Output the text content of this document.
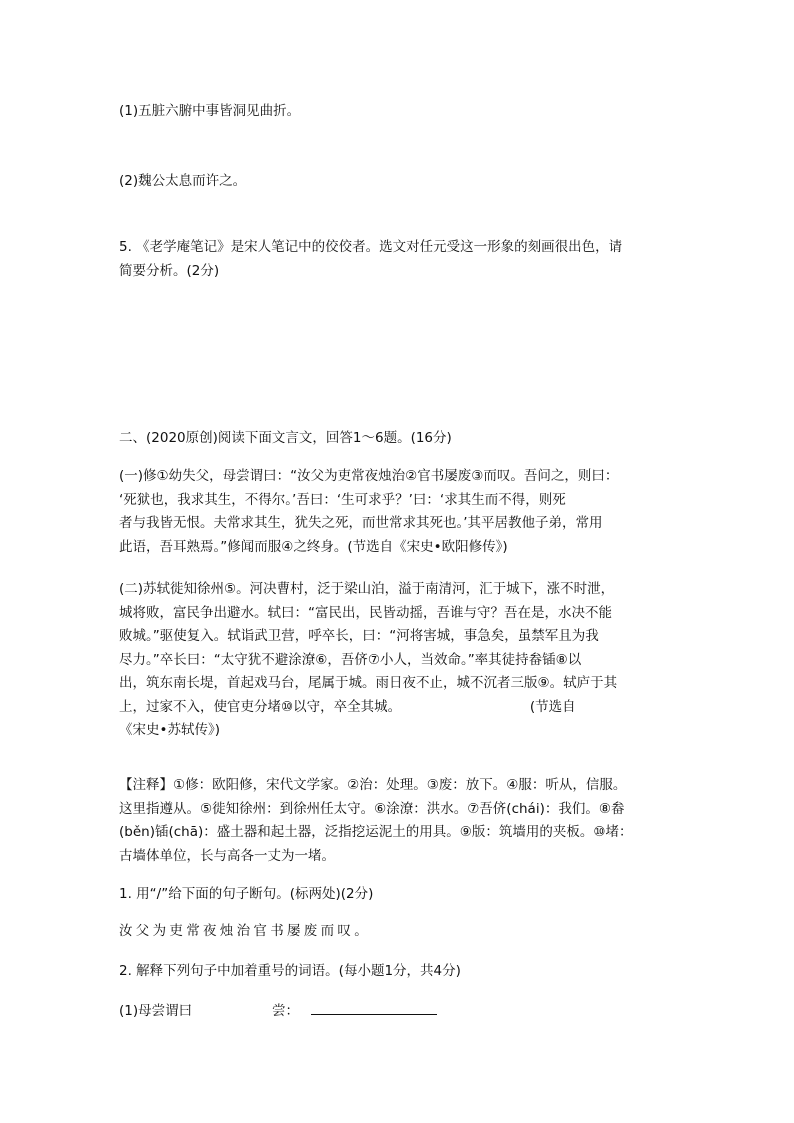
(1)五脏六腑中事皆洞见曲折。
(2)魏公太息而许之。
5. 《老学庵笔记》是宋人笔记中的佼佼者。选文对任元受这一形象的刻画很出色，请
简要分析。(2分)
二、(2020原创)阅读下面文言文，回答1～6题。(16分)
(一)修①幼失父，母尝谓曰：“汝父为吏常夜烛治②官书屡废③而叹。吾问之，则曰：
‘死狱也，我求其生，不得尔。’吾曰：‘生可求乎？’曰：‘求其生而不得，则死
者与我皆无恨。夫常求其生，犹失之死，而世常求其死也。’其平居教他子弟，常用
此语，吾耳熟焉。”修闻而服④之终身。(节选自《宋史•欧阳修传》)
(二)苏轼徙知徐州⑤。河决曹村，泛于梁山泊，溢于南清河，汇于城下，涨不时泄，
城将败，富民争出避水。轼曰：“富民出，民皆动摇，吾谁与守？吾在是，水决不能
败城。”驱使复入。轼诣武卫营，呼卒长，曰：“河将害城，事急矣，虽禁军且为我
尽力。”卒长曰：“太守犹不避涂潦⑥，吾侪⑦小人，当效命。”率其徒持畚锸⑧以
出，筑东南长堤，首起戏马台，尾属于城。雨日夜不止，城不沉者三版⑨。轼庐于其
上，过家不入，使官吏分堵⑩以守，卒全其城。                              (节选自
《宋史•苏轼传》)
【注释】①修：欧阳修，宋代文学家。②治：处理。③废：放下。④服：听从，信服。
这里指遵从。⑤徙知徐州：到徐州任太守。⑥涂潦：洪水。⑦吾侪(chái)：我们。⑧畚
(běn)锸(chā)：盛土器和起土器，泛指挖运泥土的用具。⑨版：筑墙用的夹板。⑩堵：
古墙体单位，长与高各一丈为一堵。
1. 用“/”给下面的句子断句。(标两处)(2分)
汝父为吏常夜烛治官书屡废而叹。
2. 解释下列句子中加着重号的词语。(每小题1分，共4分)
(1)母尝谓曰	尝：
